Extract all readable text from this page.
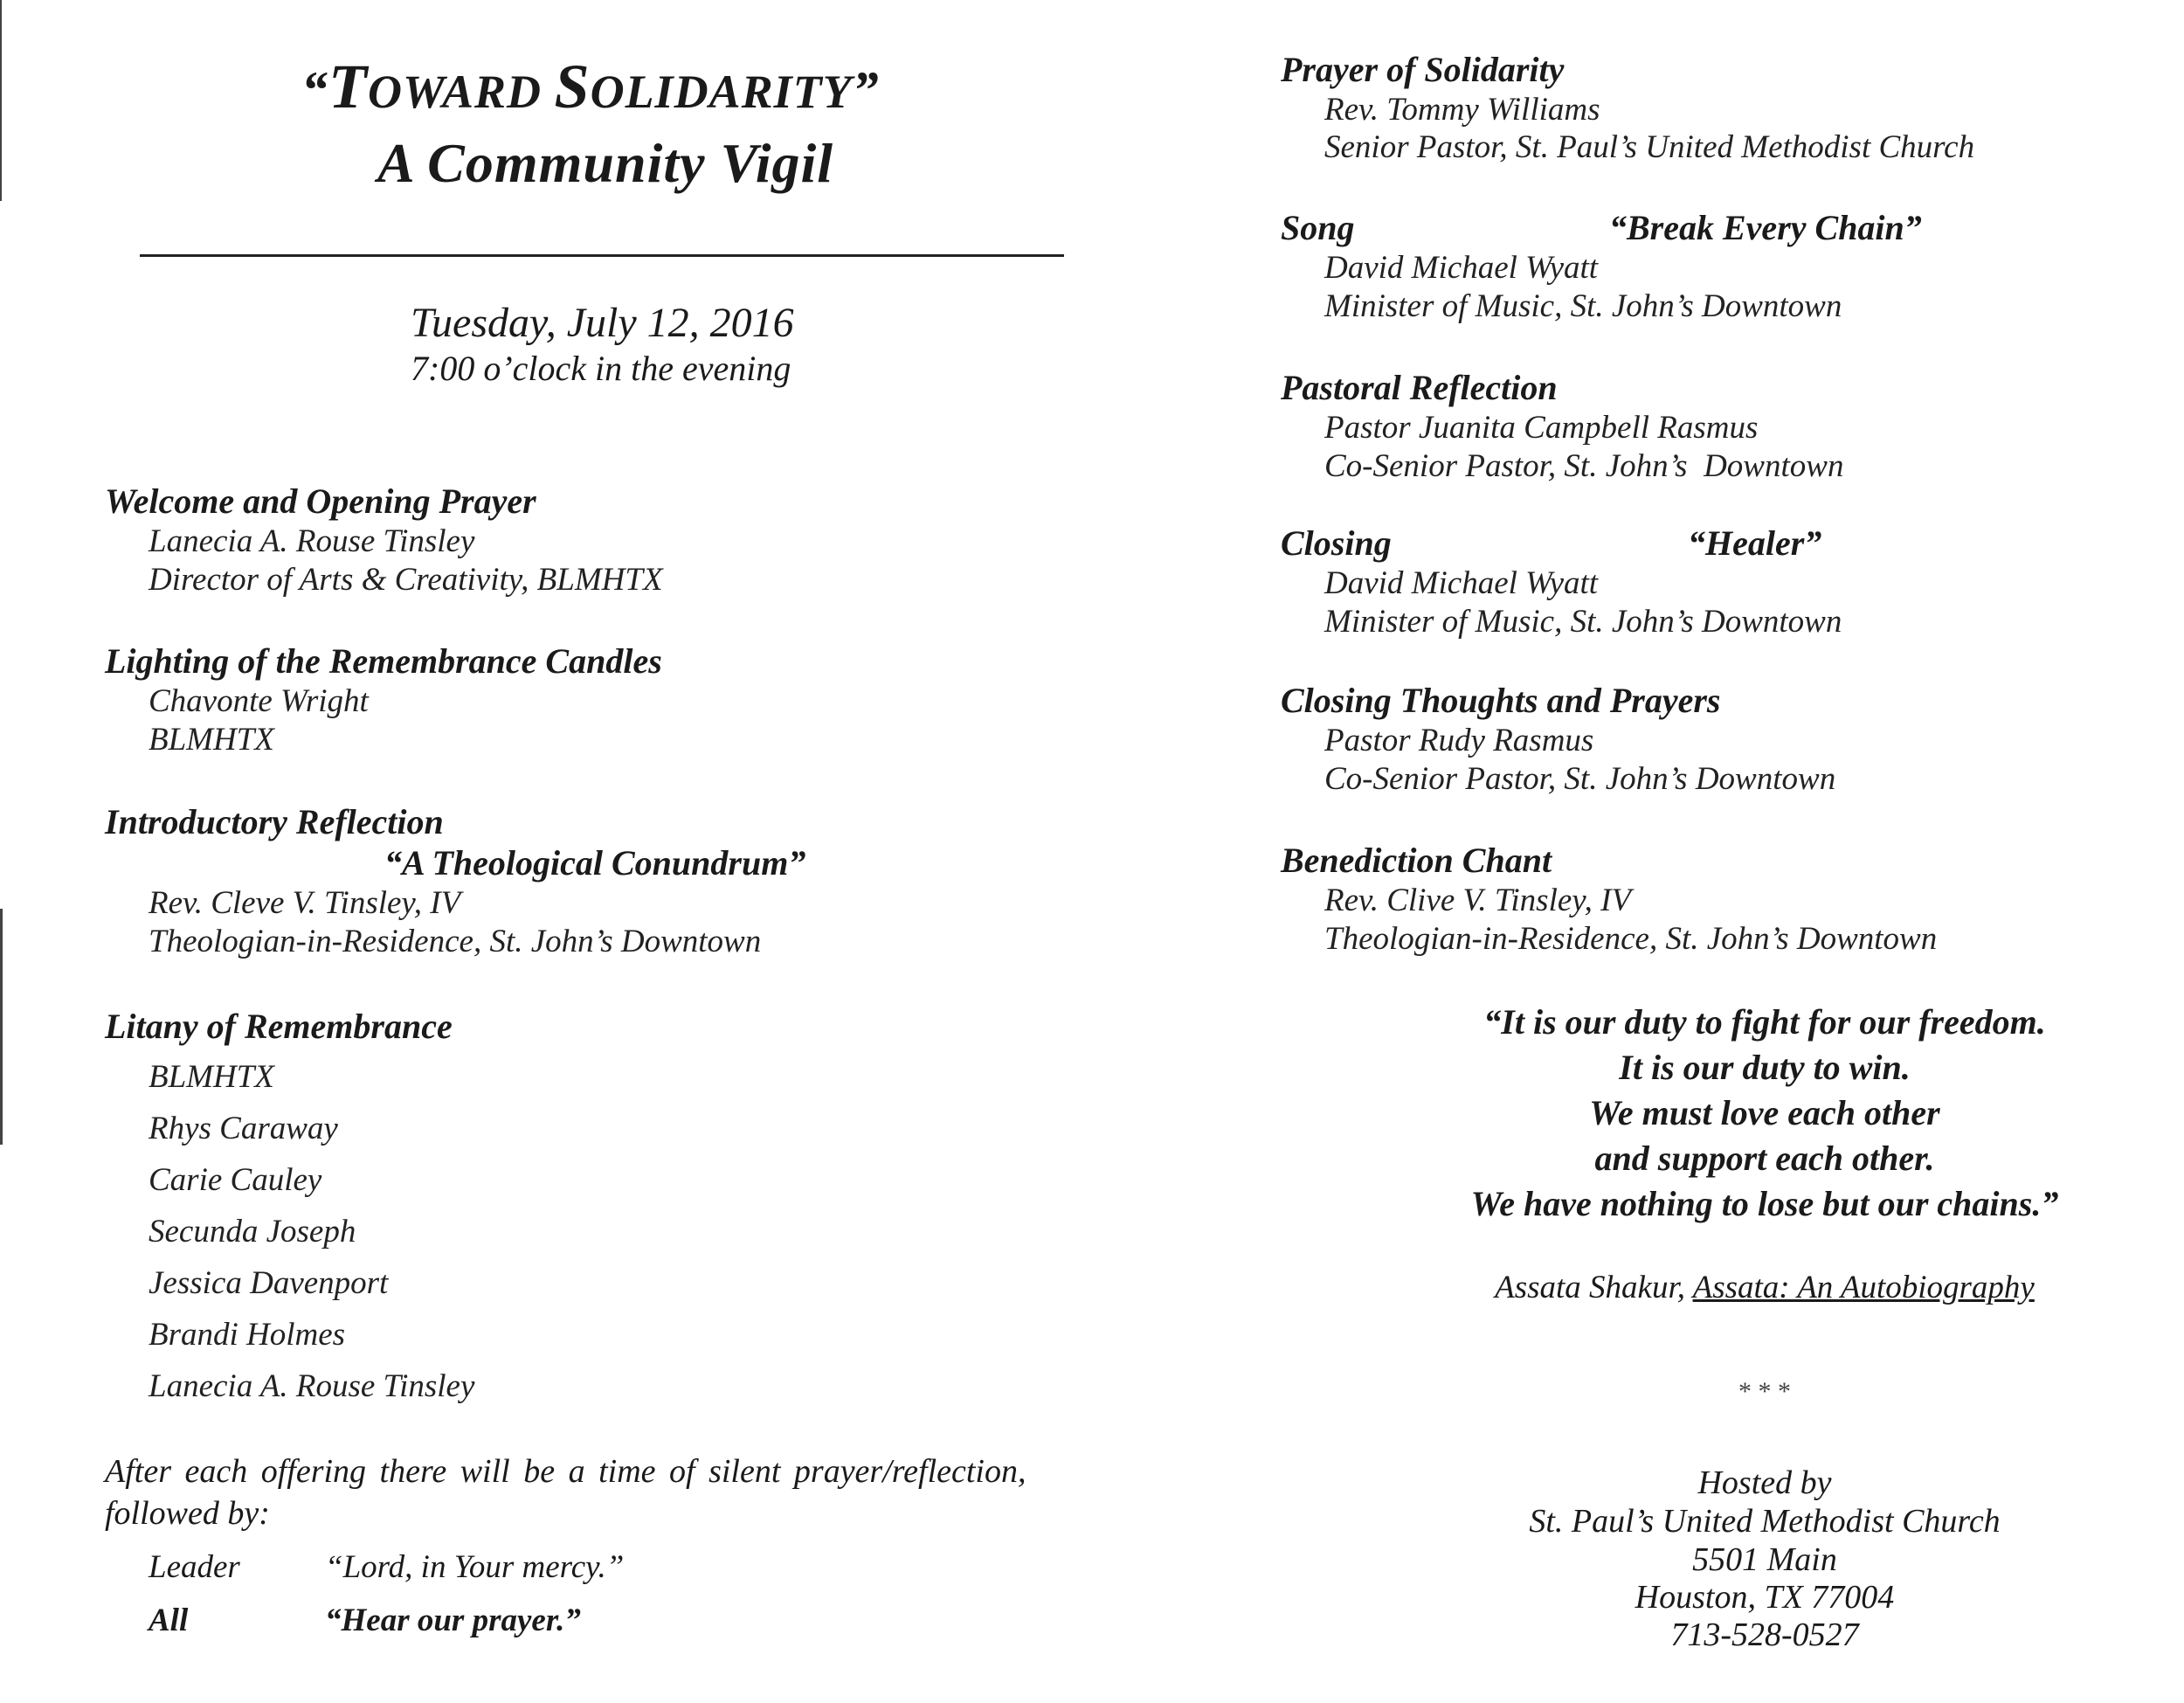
“TOWARD SOLIDARITY”
A Community Vigil
Tuesday, July 12, 2016
7:00 o’clock in the evening
Welcome and Opening Prayer
Lanecia A. Rouse Tinsley
Director of Arts & Creativity, BLMHTX
Lighting of the Remembrance Candles
Chavonte Wright
BLMHTX
Introductory Reflection
“A Theological Conundrum”
Rev. Cleve V. Tinsley, IV
Theologian-in-Residence, St. John’s Downtown
Litany of Remembrance
BLMHTX
Rhys Caraway
Carie Cauley
Secunda Joseph
Jessica Davenport
Brandi Holmes
Lanecia A. Rouse Tinsley
After each offering there will be a time of silent prayer/reflection,
followed by:
Leader	“Lord, in Your mercy.”
All	“Hear our prayer.”
Prayer of Solidarity
Rev. Tommy Williams
Senior Pastor, St. Paul’s United Methodist Church
Song	“Break Every Chain”
David Michael Wyatt
Minister of Music, St. John’s Downtown
Pastoral Reflection
Pastor Juanita Campbell Rasmus
Co-Senior Pastor, St. John’s  Downtown
Closing	“Healer”
David Michael Wyatt
Minister of Music, St. John’s Downtown
Closing Thoughts and Prayers
Pastor Rudy Rasmus
Co-Senior Pastor, St. John’s Downtown
Benediction Chant
Rev. Clive V. Tinsley, IV
Theologian-in-Residence, St. John’s Downtown
“It is our duty to fight for our freedom.
It is our duty to win.
We must love each other
and support each other.
We have nothing to lose but our chains.”
Assata Shakur, Assata: An Autobiography
* * *
Hosted by
St. Paul’s United Methodist Church
5501 Main
Houston, TX 77004
713-528-0527
